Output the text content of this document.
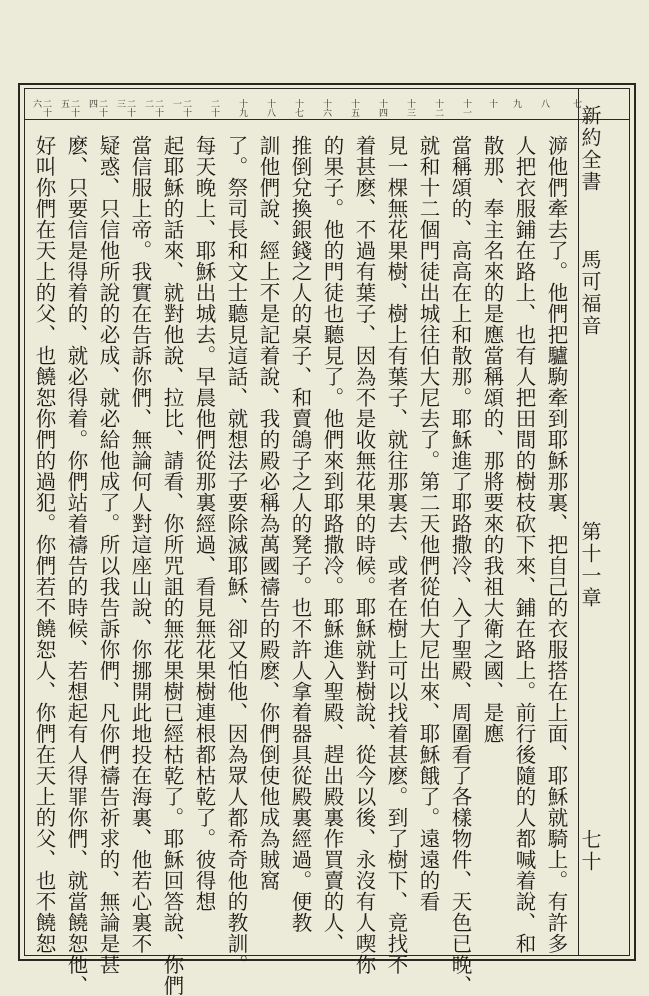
七
八
九
十
十一
十二
十三
十四
十五
十六
十七
十八
十九
二十
二十一
二十二
二十三
二十四
二十五
二十六
新約全書
馬可福音
第十一章
七十
㴑他們牽去了。他們把驢駒牽到耶穌那裏、把自己的衣服搭在上面、耶穌就騎上。有許多
人把衣服鋪在路上、也有人把田間的樹枝砍下來、鋪在路上。前行後隨的人都喊着說、和
散那、奉主名來的是應當稱頌的、那將要來的我祖大衛之國、是應
當稱頌的、高高在上和散那。耶穌進了耶路撒冷、入了聖殿、周圍看了各樣物件、天色已晚、
就和十二個門徒出城往伯大尼去了。第二天他們從伯大尼出來、耶穌餓了。遠遠的看
見一棵無花果樹、樹上有葉子、就往那裏去、或者在樹上可以找着甚麽。到了樹下、竟找不
着甚麽、不過有葉子、因為不是收無花果的時候。耶穌就對樹說、從今以後、永沒有人喫你
的果子。他的門徒也聽見了。他們來到耶路撒冷。耶穌進入聖殿、趕出殿裏作買賣的人、
推倒兌換銀錢之人的桌子、和賣鴿子之人的凳子。也不許人拿着器具從殿裏經過。便教
訓他們說、經上不是記着說、我的殿必稱為萬國禱告的殿麽、你們倒使他成為賊窩
了。祭司長和文士聽見這話、就想法子要除滅耶穌、卻又怕他、因為眾人都希奇他的教訓。
每天晚上、耶穌出城去。早晨他們從那裏經過、看見無花果樹連根都枯乾了。彼得想
起耶穌的話來、就對他說、拉比、請看、你所咒詛的無花果樹已經枯乾了。耶穌回答說、你們
當信服上帝。我實在告訴你們、無論何人對這座山說、你挪開此地投在海裏、他若心裏不
疑惑、只信他所說的必成、就必給他成了。所以我告訴你們、凡你們禱告祈求的、無論是甚
麽、只要信是得着的、就必得着。你們站着禱告的時候、若想起有人得罪你們、就當饒恕他、
好叫你們在天上的父、也饒恕你們的過犯。你們若不饒恕人、你們在天上的父、也不饒恕
